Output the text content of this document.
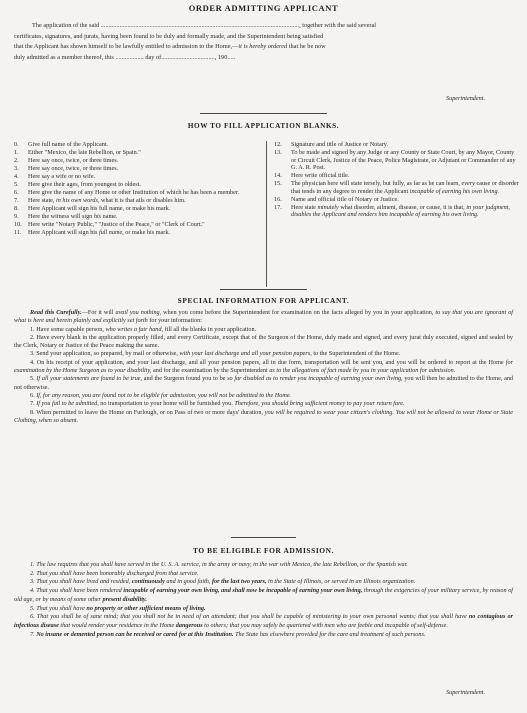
ORDER ADMITTING APPLICANT

The application of the said .............................................................................................................................., together with the said several

certificates, signatures, and jurats, having been found to be duly and formally made, and the Superintendent being satisfied
that the Applicant has shown himself to be lawfully entitled to admission to the Home,—it is hereby ordered that he be now
duly admitted as a member thereof, this .................. day of.................................., 190.....
Superintendent.
HOW TO FILL APPLICATION BLANKS.
0.	Give full name of the Applicant.
1.	Either "Mexico, the late Rebellion, or Spain."
2.	Here say once, twice, or three times.
3.	Here say once, twice, or three times.
4.	Here say a wife or no wife.
5.	Here give their ages, from youngest to oldest.
6.	Here give the name of any Home or other Institution of which he has been a member.
7.	Here state, in his own words, what it is that ails or disables him.
8.	Here Applicant will sign his full name, or make his mark.
9.	Here the witness will sign his name.
10.	Here write "Notary Public," "Justice of the Peace," or "Clerk of Court."
11.	Here Applicant will sign his full name, or make his mark.
12.	Signature and title of Justice or Notary.
13.	To be made and signed by any Judge or any County or State Court, by any Mayor, County or Circuit Clerk, Justice of the Peace, Police Magistrate, or Adjutant or Commander of any G. A. R. Post.
14.	Here write official title.
15.	The physician here will state tersely, but fully, as far as he can learn, every cause or disorder that tends in any degree to render the Applicant incapable of earning his own living.
16.	Name and official title of Notary or Justice.
17.	Here state minutely what disorder, ailment, disease, or cause, it is that, in your judgment, disables the Applicant and renders him incapable of earning his own living.
SPECIAL INFORMATION FOR APPLICANT.

Read this Carefully.—For it will avail you nothing, when you come before the Superintendent for examination on the facts alleged by you in your application, to say that you are ignorant of what is here and herein plainly and explicitly set forth for your information:

1. Have some capable person, who writes a fair hand, fill all the blanks in your application.

2. Have every blank in the application properly filled, and every Certificate, except that of the Surgeon of the Home, duly made and signed, and every jurat duly executed, signed and sealed by the Clerk, Notary or Justice of the Peace making the same.

3. Send your application, so prepared, by mail or otherwise, with your last discharge and all your pension papers, to the Superintendent of the Home.

4. On his receipt of your application, and your last discharge, and all your pension papers, all in due form, transportation will be sent you, and you will be ordered to report at the Home for examination by the Home Surgeon as to your disability, and for the examination by the Superintendent as to the allegations of fact made by you in your application for admission.

5. If all your statements are found to be true, and the Surgeon found you to be so far disabled as to render you incapable of earning your own living, you will then be admitted to the Home, and not otherwise.

6. If, for any reason, you are found not to be eligible for admission, you will not be admitted to the Home.

7. If you fail to be admitted, no transportation to your home will be furnished you. Therefore, you should bring sufficient money to pay your return fare.

8. When permitted to leave the Home on Furlough, or on Pass of two or more days' duration, you will be required to wear your citizen's clothing. You will not be allowed to wear Home or State Clothing, when so absent.

TO BE ELIGIBLE FOR ADMISSION.

1. The law requires that you shall have served in the U. S. A. service, in the army or navy, in the war with Mexico, the late Rebellion, or the Spanish war.

2. That you shall have been honorably discharged from that service.

3. That you shall have lived and resided, continuously and in good faith, for the last two years, in the State of Illinois, or served in an Illinois organization.

4. That you shall have been rendered incapable of earning your own living, and shall now be incapable of earning your own living, through the exigencies of your military service, by reason of old age, or by means of some other present disability.

5. That you shall have no property or other sufficient means of living.

6. That you shall be of sane mind; that you shall not be in need of an attendant; that you shall be capable of ministering to your own personal wants; that you shall have no contagious or infectious disease that would render your residence in the Home dangerous to others; that you may safely be quartered with men who are feeble and incapable of self-defense.

7. No insane or demented person can be received or cared for at this Institution. The State has elsewhere provided for the care and treatment of such persons.

Superintendent.
